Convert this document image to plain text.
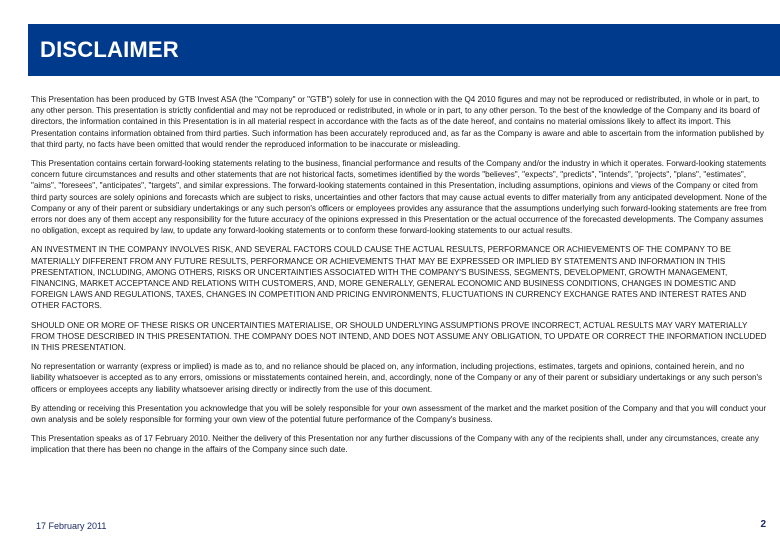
DISCLAIMER

This Presentation has been produced by GTB Invest ASA (the "Company" or "GTB") solely for use in connection with the Q4 2010 figures and may not be reproduced or redistributed, in whole or in part, to any other person. This presentation is strictly confidential and may not be reproduced or redistributed, in whole or in part, to any other person. To the best of the knowledge of the Company and its board of directors, the information contained in this Presentation is in all material respect in accordance with the facts as of the date hereof, and contains no material omissions likely to affect its import. This Presentation contains information obtained from third parties. Such information has been accurately reproduced and, as far as the Company is aware and able to ascertain from the information published by that third party, no facts have been omitted that would render the reproduced information to be inaccurate or misleading.

This Presentation contains certain forward-looking statements relating to the business, financial performance and results of the Company and/or the industry in which it operates. Forward-looking statements concern future circumstances and results and other statements that are not historical facts, sometimes identified by the words "believes", "expects", "predicts", "intends", "projects", "plans", "estimates", "aims", "foresees", "anticipates", "targets", and similar expressions. The forward-looking statements contained in this Presentation, including assumptions, opinions and views of the Company or cited from third party sources are solely opinions and forecasts which are subject to risks, uncertainties and other factors that may cause actual events to differ materially from any anticipated development. None of the Company or any of their parent or subsidiary undertakings or any such person's officers or employees provides any assurance that the assumptions underlying such forward-looking statements are free from errors nor does any of them accept any responsibility for the future accuracy of the opinions expressed in this Presentation or the actual occurrence of the forecasted developments. The Company assumes no obligation, except as required by law, to update any forward-looking statements or to conform these forward-looking statements to our actual results.

AN INVESTMENT IN THE COMPANY INVOLVES RISK, AND SEVERAL FACTORS COULD CAUSE THE ACTUAL RESULTS, PERFORMANCE OR ACHIEVEMENTS OF THE COMPANY TO BE MATERIALLY DIFFERENT FROM ANY FUTURE RESULTS, PERFORMANCE OR ACHIEVEMENTS THAT MAY BE EXPRESSED OR IMPLIED BY STATEMENTS AND INFORMATION IN THIS PRESENTATION, INCLUDING, AMONG OTHERS, RISKS OR UNCERTAINTIES ASSOCIATED WITH THE COMPANY'S BUSINESS, SEGMENTS, DEVELOPMENT, GROWTH MANAGEMENT, FINANCING, MARKET ACCEPTANCE AND RELATIONS WITH CUSTOMERS, AND, MORE GENERALLY, GENERAL ECONOMIC AND BUSINESS CONDITIONS, CHANGES IN DOMESTIC AND FOREIGN LAWS AND REGULATIONS, TAXES, CHANGES IN COMPETITION AND PRICING ENVIRONMENTS, FLUCTUATIONS IN CURRENCY EXCHANGE RATES AND INTEREST RATES AND OTHER FACTORS.

SHOULD ONE OR MORE OF THESE RISKS OR UNCERTAINTIES MATERIALISE, OR SHOULD UNDERLYING ASSUMPTIONS PROVE INCORRECT, ACTUAL RESULTS MAY VARY MATERIALLY FROM THOSE DESCRIBED IN THIS PRESENTATION. THE COMPANY DOES NOT INTEND, AND DOES NOT ASSUME ANY OBLIGATION, TO UPDATE OR CORRECT THE INFORMATION INCLUDED IN THIS PRESENTATION.

No representation or warranty (express or implied) is made as to, and no reliance should be placed on, any information, including projections, estimates, targets and opinions, contained herein, and no liability whatsoever is accepted as to any errors, omissions or misstatements contained herein, and, accordingly, none of the Company or any of their parent or subsidiary undertakings or any such person's officers or employees accepts any liability whatsoever arising directly or indirectly from the use of this document.

By attending or receiving this Presentation you acknowledge that you will be solely responsible for your own assessment of the market and the market position of the Company and that you will conduct your own analysis and be solely responsible for forming your own view of the potential future performance of the Company's business.

This Presentation speaks as of 17 February 2010. Neither the delivery of this Presentation nor any further discussions of the Company with any of the recipients shall, under any circumstances, create any implication that there has been no change in the affairs of the Company since such date.

17 February 2011	2
